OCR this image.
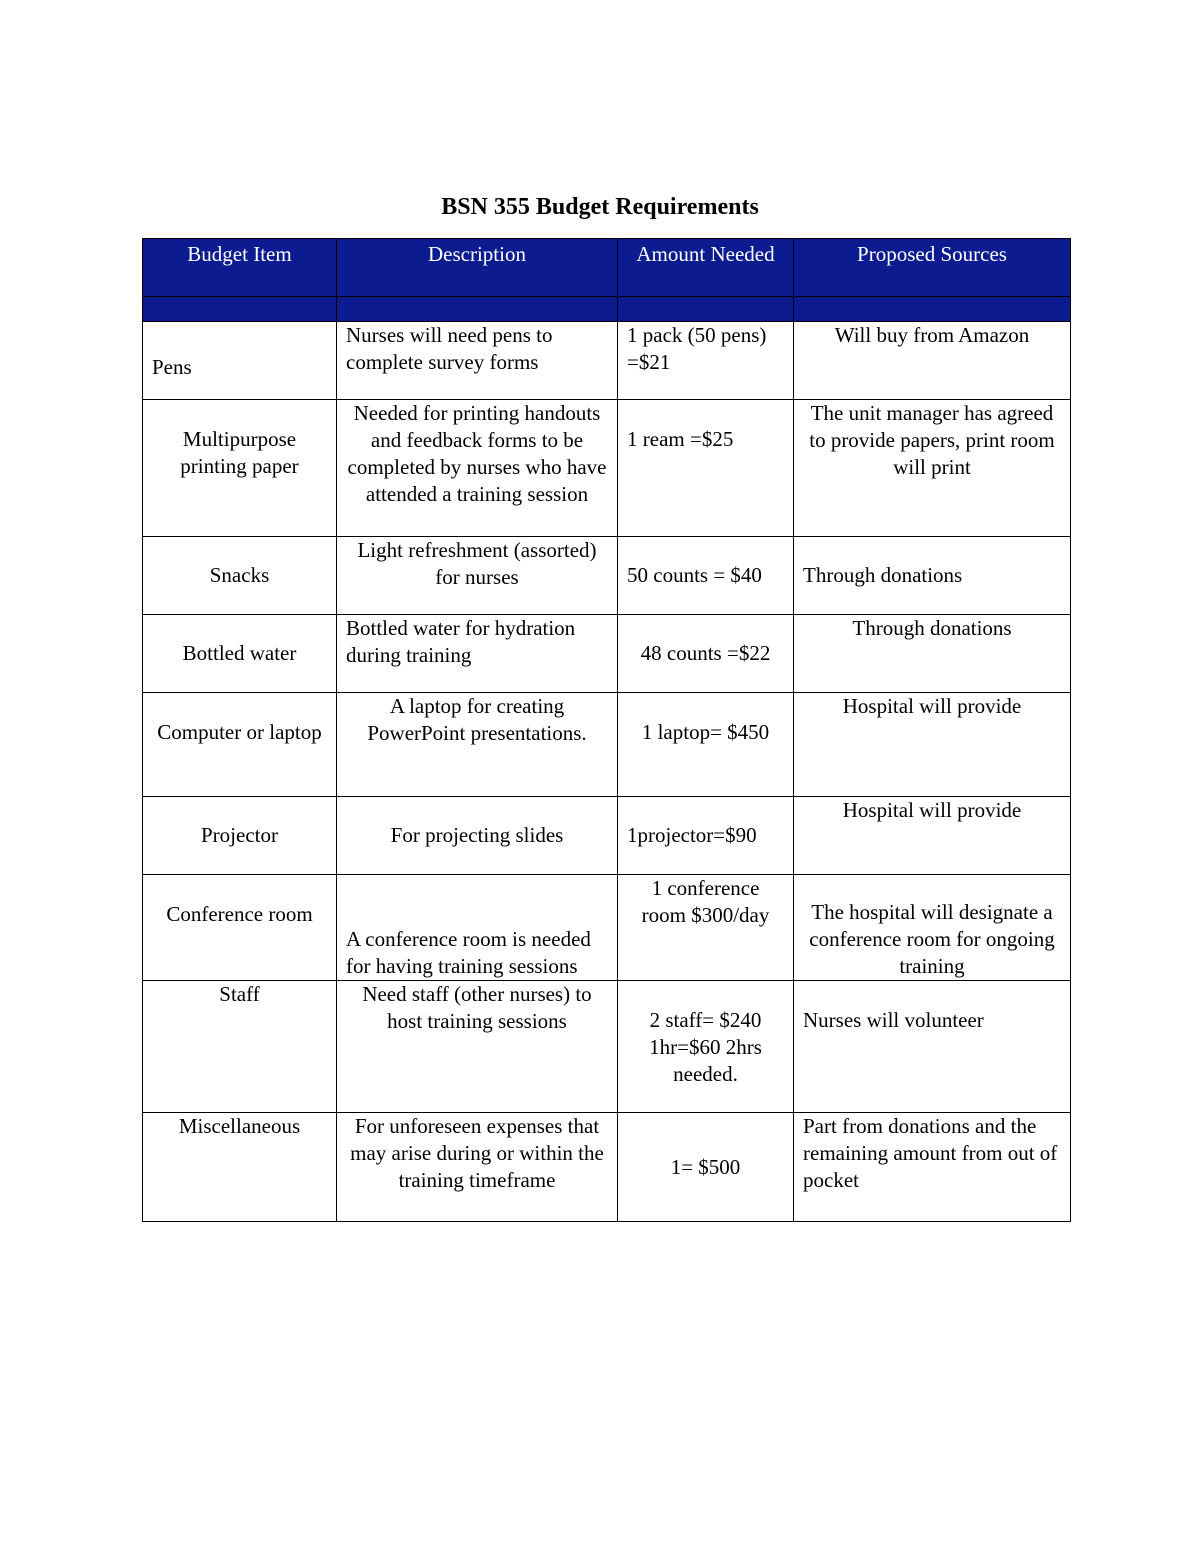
BSN 355 Budget Requirements
Budget Item	Description	Amount Needed	Proposed Sources

Pens	Nurses will need pens to complete survey forms	1 pack (50 pens) =$21	Will buy from Amazon
Multipurpose printing paper	Needed for printing handouts and feedback forms to be completed by nurses who have attended a training session	1 ream =$25	The unit manager has agreed to provide papers, print room will print
Snacks	Light refreshment (assorted) for nurses	50 counts = $40	Through donations
Bottled water	Bottled water for hydration during training	48 counts =$22	Through donations
Computer or laptop	A laptop for creating PowerPoint presentations.	1 laptop= $450	Hospital will provide
Projector	For projecting slides	1projector=$90	Hospital will provide
Conference room	A conference room is needed for having training sessions	1 conference room $300/day	The hospital will designate a conference room for ongoing training
Staff	Need staff (other nurses) to host training sessions	2 staff= $240 1hr=$60 2hrs needed.	Nurses will volunteer
Miscellaneous	For unforeseen expenses that may arise during or within the training timeframe	1= $500	Part from donations and the remaining amount from out of pocket
